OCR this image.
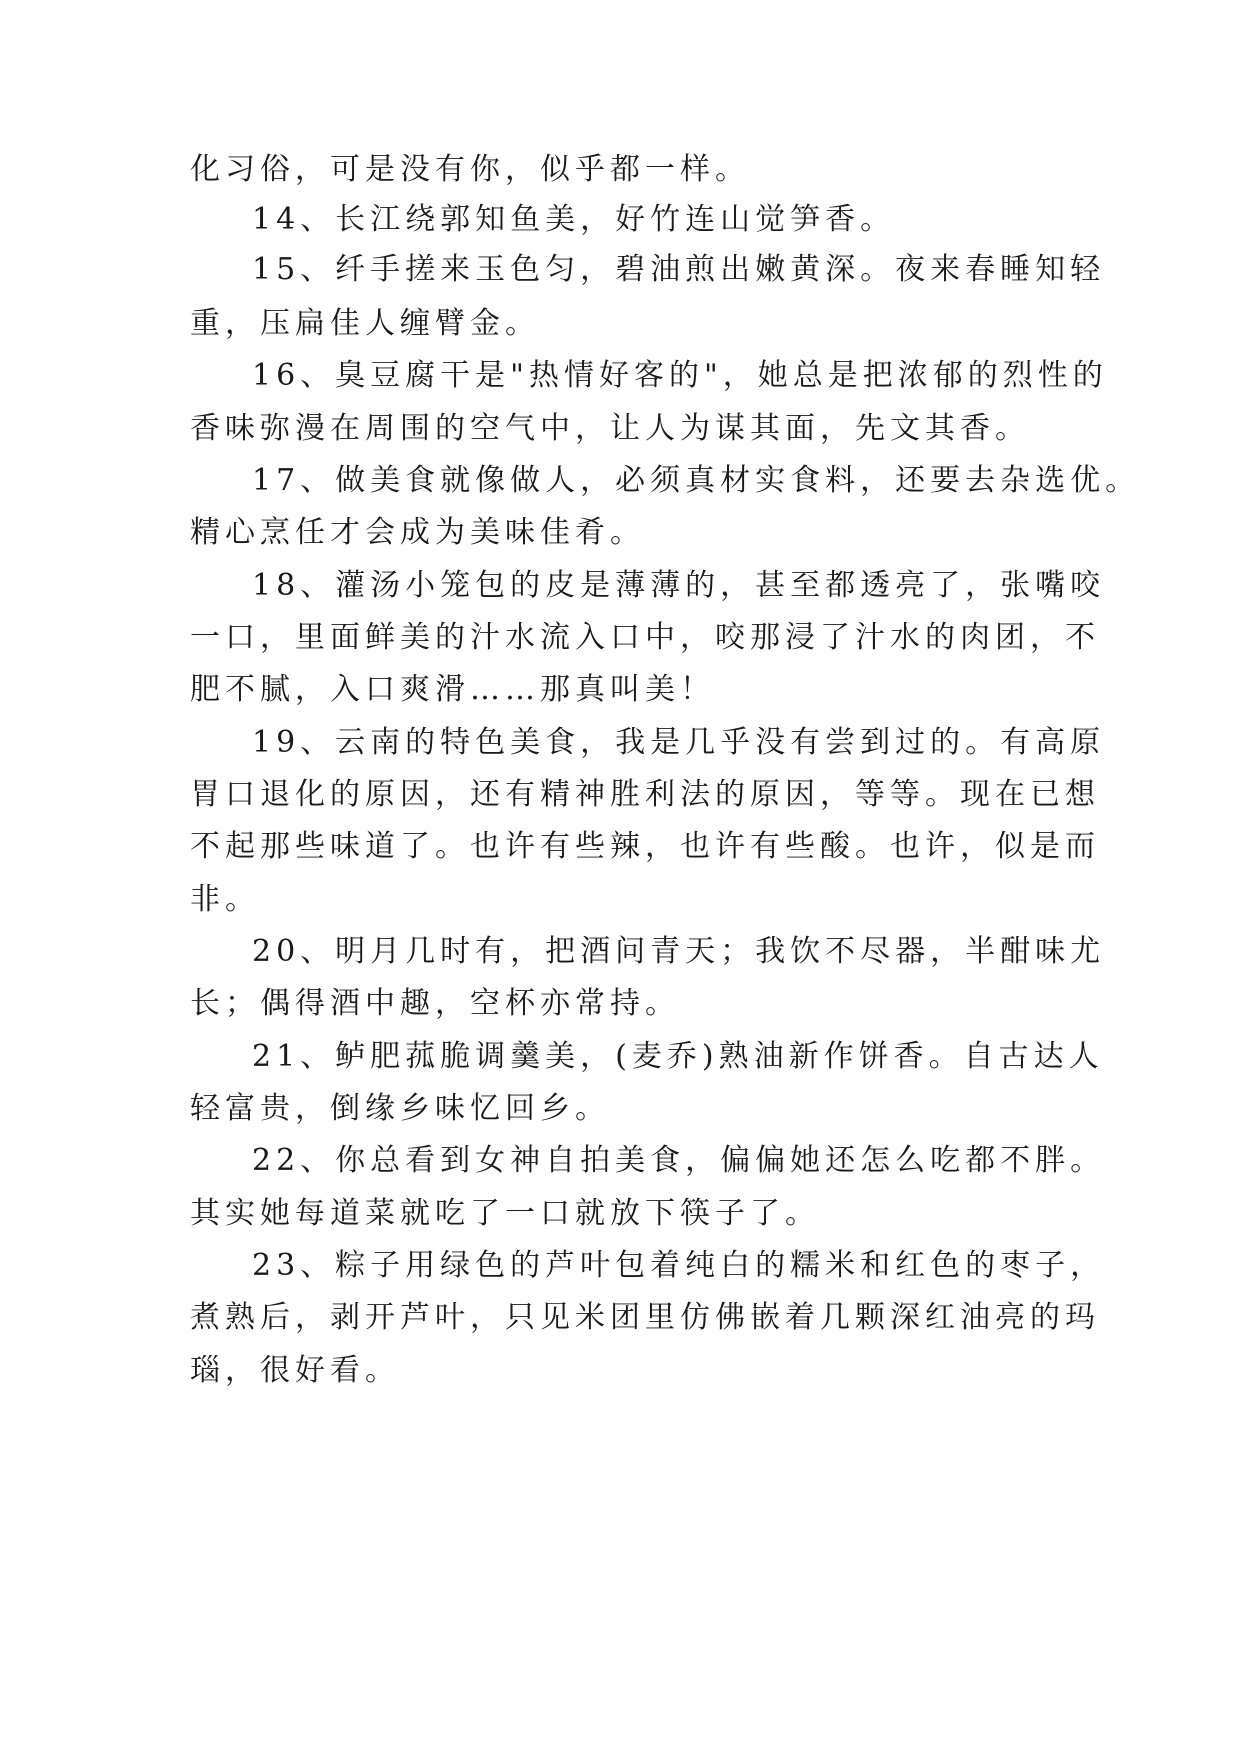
化习俗，可是没有你，似乎都一样。
14、长江绕郭知鱼美，好竹连山觉笋香。
15、纤手搓来玉色匀，碧油煎出嫩黄深。夜来春睡知轻
重，压扁佳人缠臂金。
16、臭豆腐干是"热情好客的"，她总是把浓郁的烈性的
香味弥漫在周围的空气中，让人为谋其面，先文其香。
17、做美食就像做人，必须真材实食料，还要去杂选优。
精心烹任才会成为美味佳肴。
18、灌汤小笼包的皮是薄薄的，甚至都透亮了，张嘴咬
一口，里面鲜美的汁水流入口中，咬那浸了汁水的肉团，不
肥不腻，入口爽滑……那真叫美！
19、云南的特色美食，我是几乎没有尝到过的。有高原
胃口退化的原因，还有精神胜利法的原因，等等。现在已想
不起那些味道了。也许有些辣，也许有些酸。也许，似是而
非。
20、明月几时有，把酒问青天；我饮不尽器，半酣味尤
长；偶得酒中趣，空杯亦常持。
21、鲈肥菰脆调羹美，(麦乔)熟油新作饼香。自古达人
轻富贵，倒缘乡味忆回乡。
22、你总看到女神自拍美食，偏偏她还怎么吃都不胖。
其实她每道菜就吃了一口就放下筷子了。
23、粽子用绿色的芦叶包着纯白的糯米和红色的枣子，
煮熟后，剥开芦叶，只见米团里仿佛嵌着几颗深红油亮的玛
瑙，很好看。
